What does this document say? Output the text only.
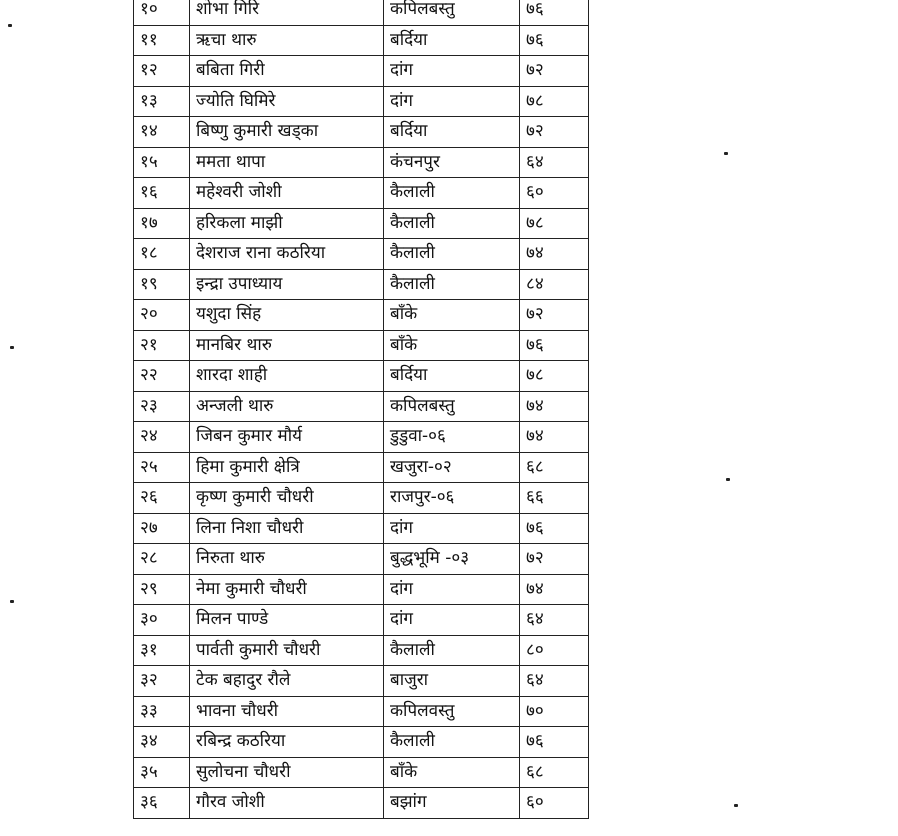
१०	शोभा गिरि	कपिलबस्तु	७६
११	ऋचा थारु	बर्दिया	७६
१२	बबिता गिरी	दांग	७२
१३	ज्योति घिमिरे	दांग	७८
१४	बिष्णु कुमारी खड्का	बर्दिया	७२
१५	ममता थापा	कंचनपुर	६४
१६	महेश्वरी जोशी	कैलाली	६०
१७	हरिकला माझी	कैलाली	७८
१८	देशराज राना कठरिया	कैलाली	७४
१९	इन्द्रा उपाध्याय	कैलाली	८४
२०	यशुदा सिंह	बाँके	७२
२१	मानबिर थारु	बाँके	७६
२२	शारदा शाही	बर्दिया	७८
२३	अन्जली थारु	कपिलबस्तु	७४
२४	जिबन कुमार मौर्य	डुडुवा-०६	७४
२५	हिमा कुमारी क्षेत्रि	खजुरा-०२	६८
२६	कृष्ण कुमारी चौधरी	राजपुर-०६	६६
२७	लिना निशा चौधरी	दांग	७६
२८	निरुता थारु	बुद्धभूमि -०३	७२
२९	नेमा कुमारी चौधरी	दांग	७४
३०	मिलन पाण्डे	दांग	६४
३१	पार्वती कुमारी चौधरी	कैलाली	८०
३२	टेक बहादुर रौले	बाजुरा	६४
३३	भावना चौधरी	कपिलवस्तु	७०
३४	रबिन्द्र कठरिया	कैलाली	७६
३५	सुलोचना चौधरी	बाँके	६८
३६	गौरव जोशी	बझांग	६०
